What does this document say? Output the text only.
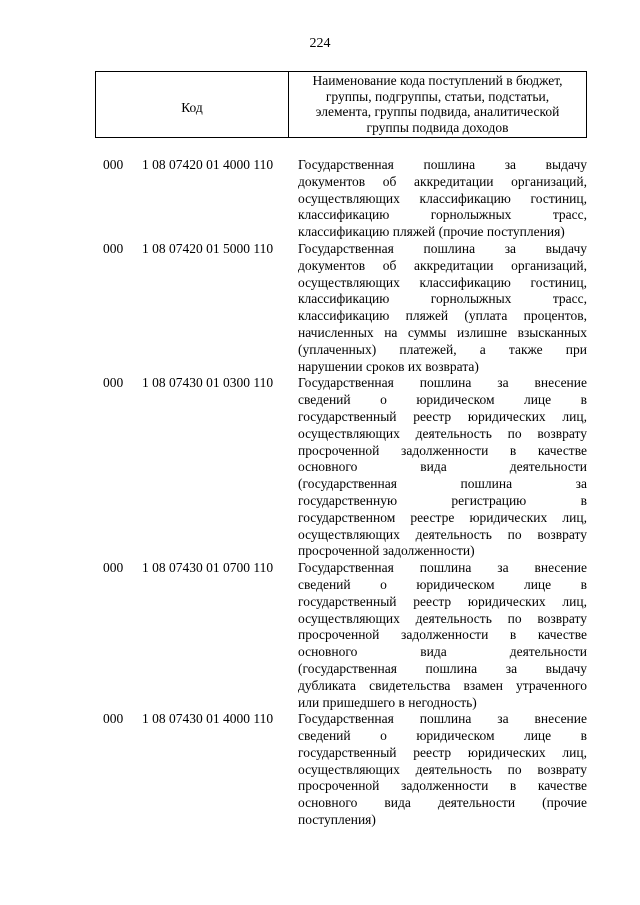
224
Код
Наименование кода поступлений в бюджет,
группы, подгруппы, статьи, подстатьи,
элемента, группы подвида, аналитической
группы подвида доходов
000 1 08 07420 01 4000 110 Государственная пошлина за выдачу
документов об аккредитации организаций,
осуществляющих классификацию гостиниц,
классификацию горнолыжных трасс,
классификацию пляжей (прочие поступления)
000 1 08 07420 01 5000 110 Государственная пошлина за выдачу
документов об аккредитации организаций,
осуществляющих классификацию гостиниц,
классификацию горнолыжных трасс,
классификацию пляжей (уплата процентов,
начисленных на суммы излишне взысканных
(уплаченных) платежей, а также при
нарушении сроков их возврата)
000 1 08 07430 01 0300 110 Государственная пошлина за внесение
сведений о юридическом лице в
государственный реестр юридических лиц,
осуществляющих деятельность по возврату
просроченной задолженности в качестве
основного вида деятельности
(государственная пошлина за
государственную регистрацию в
государственном реестре юридических лиц,
осуществляющих деятельность по возврату
просроченной задолженности)
000 1 08 07430 01 0700 110 Государственная пошлина за внесение
сведений о юридическом лице в
государственный реестр юридических лиц,
осуществляющих деятельность по возврату
просроченной задолженности в качестве
основного вида деятельности
(государственная пошлина за выдачу
дубликата свидетельства взамен утраченного
или пришедшего в негодность)
000 1 08 07430 01 4000 110 Государственная пошлина за внесение
сведений о юридическом лице в
государственный реестр юридических лиц,
осуществляющих деятельность по возврату
просроченной задолженности в качестве
основного вида деятельности (прочие
поступления)
